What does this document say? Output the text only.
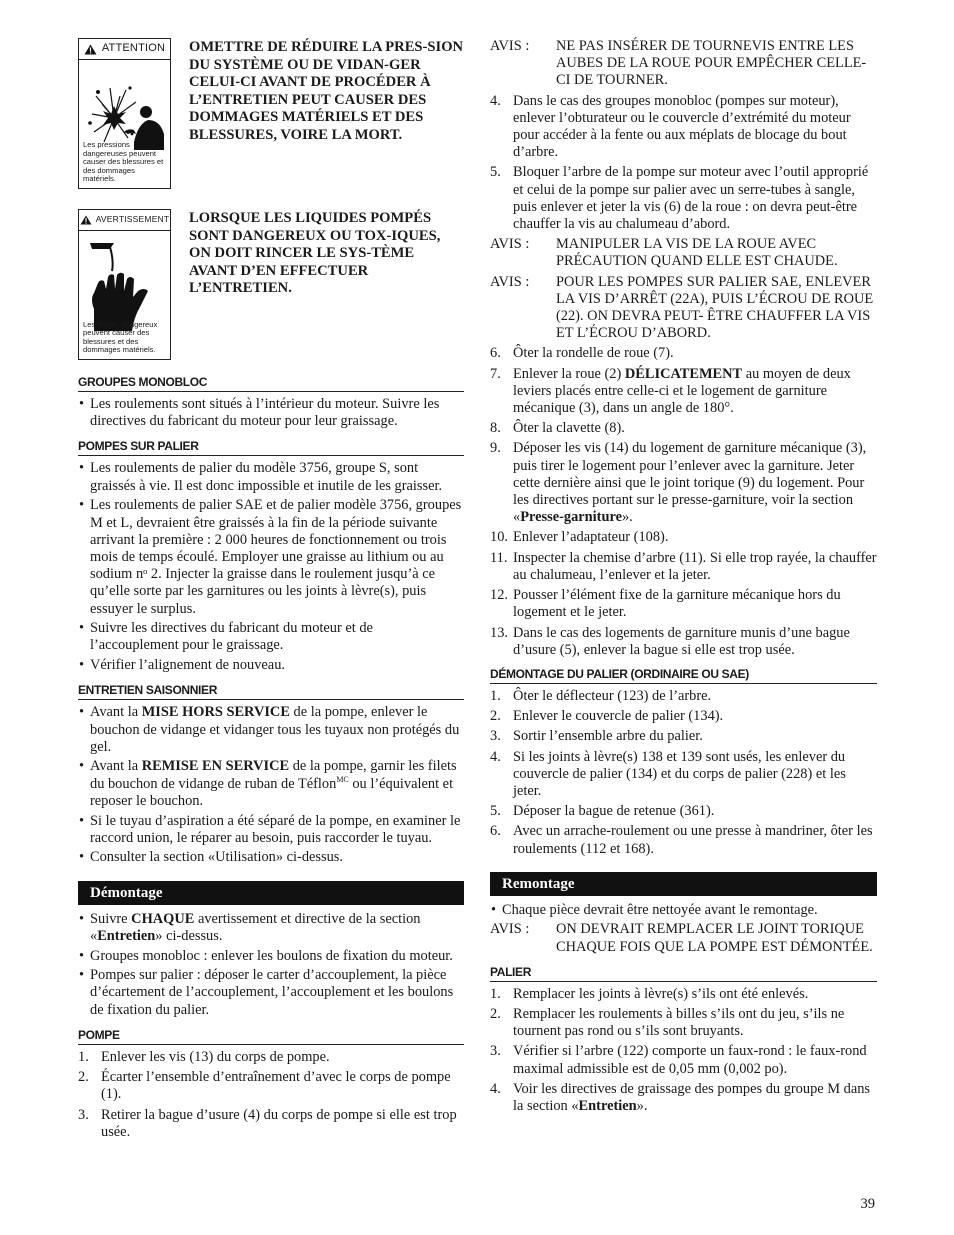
ATTENTION
Les pressions dangereuses peuvent causer des blessures et des dommages matériels.
OMETTRE DE RÉDUIRE LA PRES-SION DU SYSTÈME OU DE VIDAN-GER CELUI-CI AVANT DE PROCÉDER À L’ENTRETIEN PEUT CAUSER DES DOMMAGES MATÉRIELS ET DES BLESSURES, VOIRE LA MORT.
AVERTISSEMENT
Les fluides dangereux peuvent causer des blessures et des dommages matériels.
LORSQUE LES LIQUIDES POMPÉS SONT DANGEREUX OU TOX-IQUES, ON DOIT RINCER LE SYS-TÈME AVANT D’EN EFFECTUER L’ENTRETIEN.
GROUPES MONOBLOC
• Les roulements sont situés à l’intérieur du moteur. Suivre les directives du fabricant du moteur pour leur graissage.
POMPES SUR PALIER
• Les roulements de palier du modèle 3756, groupe S, sont graissés à vie. Il est donc impossible et inutile de les graisser.
• Les roulements de palier SAE et de palier modèle 3756, groupes M et L, devraient être graissés à la fin de la période suivante arrivant la première : 2 000 heures de fonctionnement ou trois mois de temps écoulé. Employer une graisse au lithium ou au sodium nᵒ 2. Injecter la graisse dans le roulement jusqu’à ce qu’elle sorte par les garnitures ou les joints à lèvre(s), puis essuyer le surplus.
• Suivre les directives du fabricant du moteur et de l’accouplement pour le graissage.
• Vérifier l’alignement de nouveau.
ENTRETIEN SAISONNIER
• Avant la MISE HORS SERVICE de la pompe, enlever le bouchon de vidange et vidanger tous les tuyaux non protégés du gel.
• Avant la REMISE EN SERVICE de la pompe, garnir les filets du bouchon de vidange de ruban de Téflon$^{MC}$ ou l’équivalent et reposer le bouchon.
• Si le tuyau d’aspiration a été séparé de la pompe, en examiner le raccord union, le réparer au besoin, puis raccorder le tuyau.
• Consulter la section «Utilisation» ci-dessus.
Démontage
• Suivre CHAQUE avertissement et directive de la section «Entretien» ci-dessus.
• Groupes monobloc : enlever les boulons de fixation du moteur.
• Pompes sur palier : déposer le carter d’accouplement, la pièce d’écartement de l’accouplement, l’accouplement et les boulons de fixation du palier.
POMPE
1. Enlever les vis (13) du corps de pompe.
2. Écarter l’ensemble d’entraînement d’avec le corps de pompe (1).
3. Retirer la bague d’usure (4) du corps de pompe si elle est trop usée.
AVIS :	NE PAS INSÉRER DE TOURNEVIS ENTRE LES AUBES DE LA ROUE POUR EMPÊCHER CELLE-CI DE TOURNER.
4. Dans le cas des groupes monobloc (pompes sur moteur), enlever l’obturateur ou le couvercle d’extrémité du moteur pour accéder à la fente ou aux méplats de blocage du bout d’arbre.
5. Bloquer l’arbre de la pompe sur moteur avec l’outil approprié et celui de la pompe sur palier avec un serre-tubes à sangle, puis enlever et jeter la vis (6) de la roue : on devra peut-être chauffer la vis au chalumeau d’abord.
AVIS :	MANIPULER LA VIS DE LA ROUE AVEC PRÉCAUTION QUAND ELLE EST CHAUDE.
AVIS :	POUR LES POMPES SUR PALIER SAE, ENLEVER LA VIS D’ARRÊT (22A), PUIS L’ÉCROU DE ROUE (22). ON DEVRA PEUT- ÊTRE CHAUFFER LA VIS ET L’ÉCROU D’ABORD.
6. Ôter la rondelle de roue (7).
7. Enlever la roue (2) DÉLICATEMENT au moyen de deux leviers placés entre celle-ci et le logement de garniture mécanique (3), dans un angle de 180°.
8. Ôter la clavette (8).
9. Déposer les vis (14) du logement de garniture mécanique (3), puis tirer le logement pour l’enlever avec la garniture. Jeter cette dernière ainsi que le joint torique (9) du logement. Pour les directives portant sur le presse-garniture, voir la section «Presse-garniture».
10. Enlever l’adaptateur (108).
11. Inspecter la chemise d’arbre (11). Si elle trop rayée, la chauffer au chalumeau, l’enlever et la jeter.
12. Pousser l’élément fixe de la garniture mécanique hors du logement et le jeter.
13. Dans le cas des logements de garniture munis d’une bague d’usure (5), enlever la bague si elle est trop usée.
DÉMONTAGE DU PALIER (ORDINAIRE OU SAE)
1. Ôter le déflecteur (123) de l’arbre.
2. Enlever le couvercle de palier (134).
3. Sortir l’ensemble arbre du palier.
4. Si les joints à lèvre(s) 138 et 139 sont usés, les enlever du couvercle de palier (134) et du corps de palier (228) et les jeter.
5. Déposer la bague de retenue (361).
6. Avec un arrache-roulement ou une presse à mandriner, ôter les roulements (112 et 168).
Remontage
• Chaque pièce devrait être nettoyée avant le remontage.
AVIS :	ON DEVRAIT REMPLACER LE JOINT TORIQUE CHAQUE FOIS QUE LA POMPE EST DÉMONTÉE.
PALIER
1. Remplacer les joints à lèvre(s) s’ils ont été enlevés.
2. Remplacer les roulements à billes s’ils ont du jeu, s’ils ne tournent pas rond ou s’ils sont bruyants.
3. Vérifier si l’arbre (122) comporte un faux-rond : le faux-rond maximal admissible est de 0,05 mm (0,002 po).
4. Voir les directives de graissage des pompes du groupe M dans la section «Entretien».
39
